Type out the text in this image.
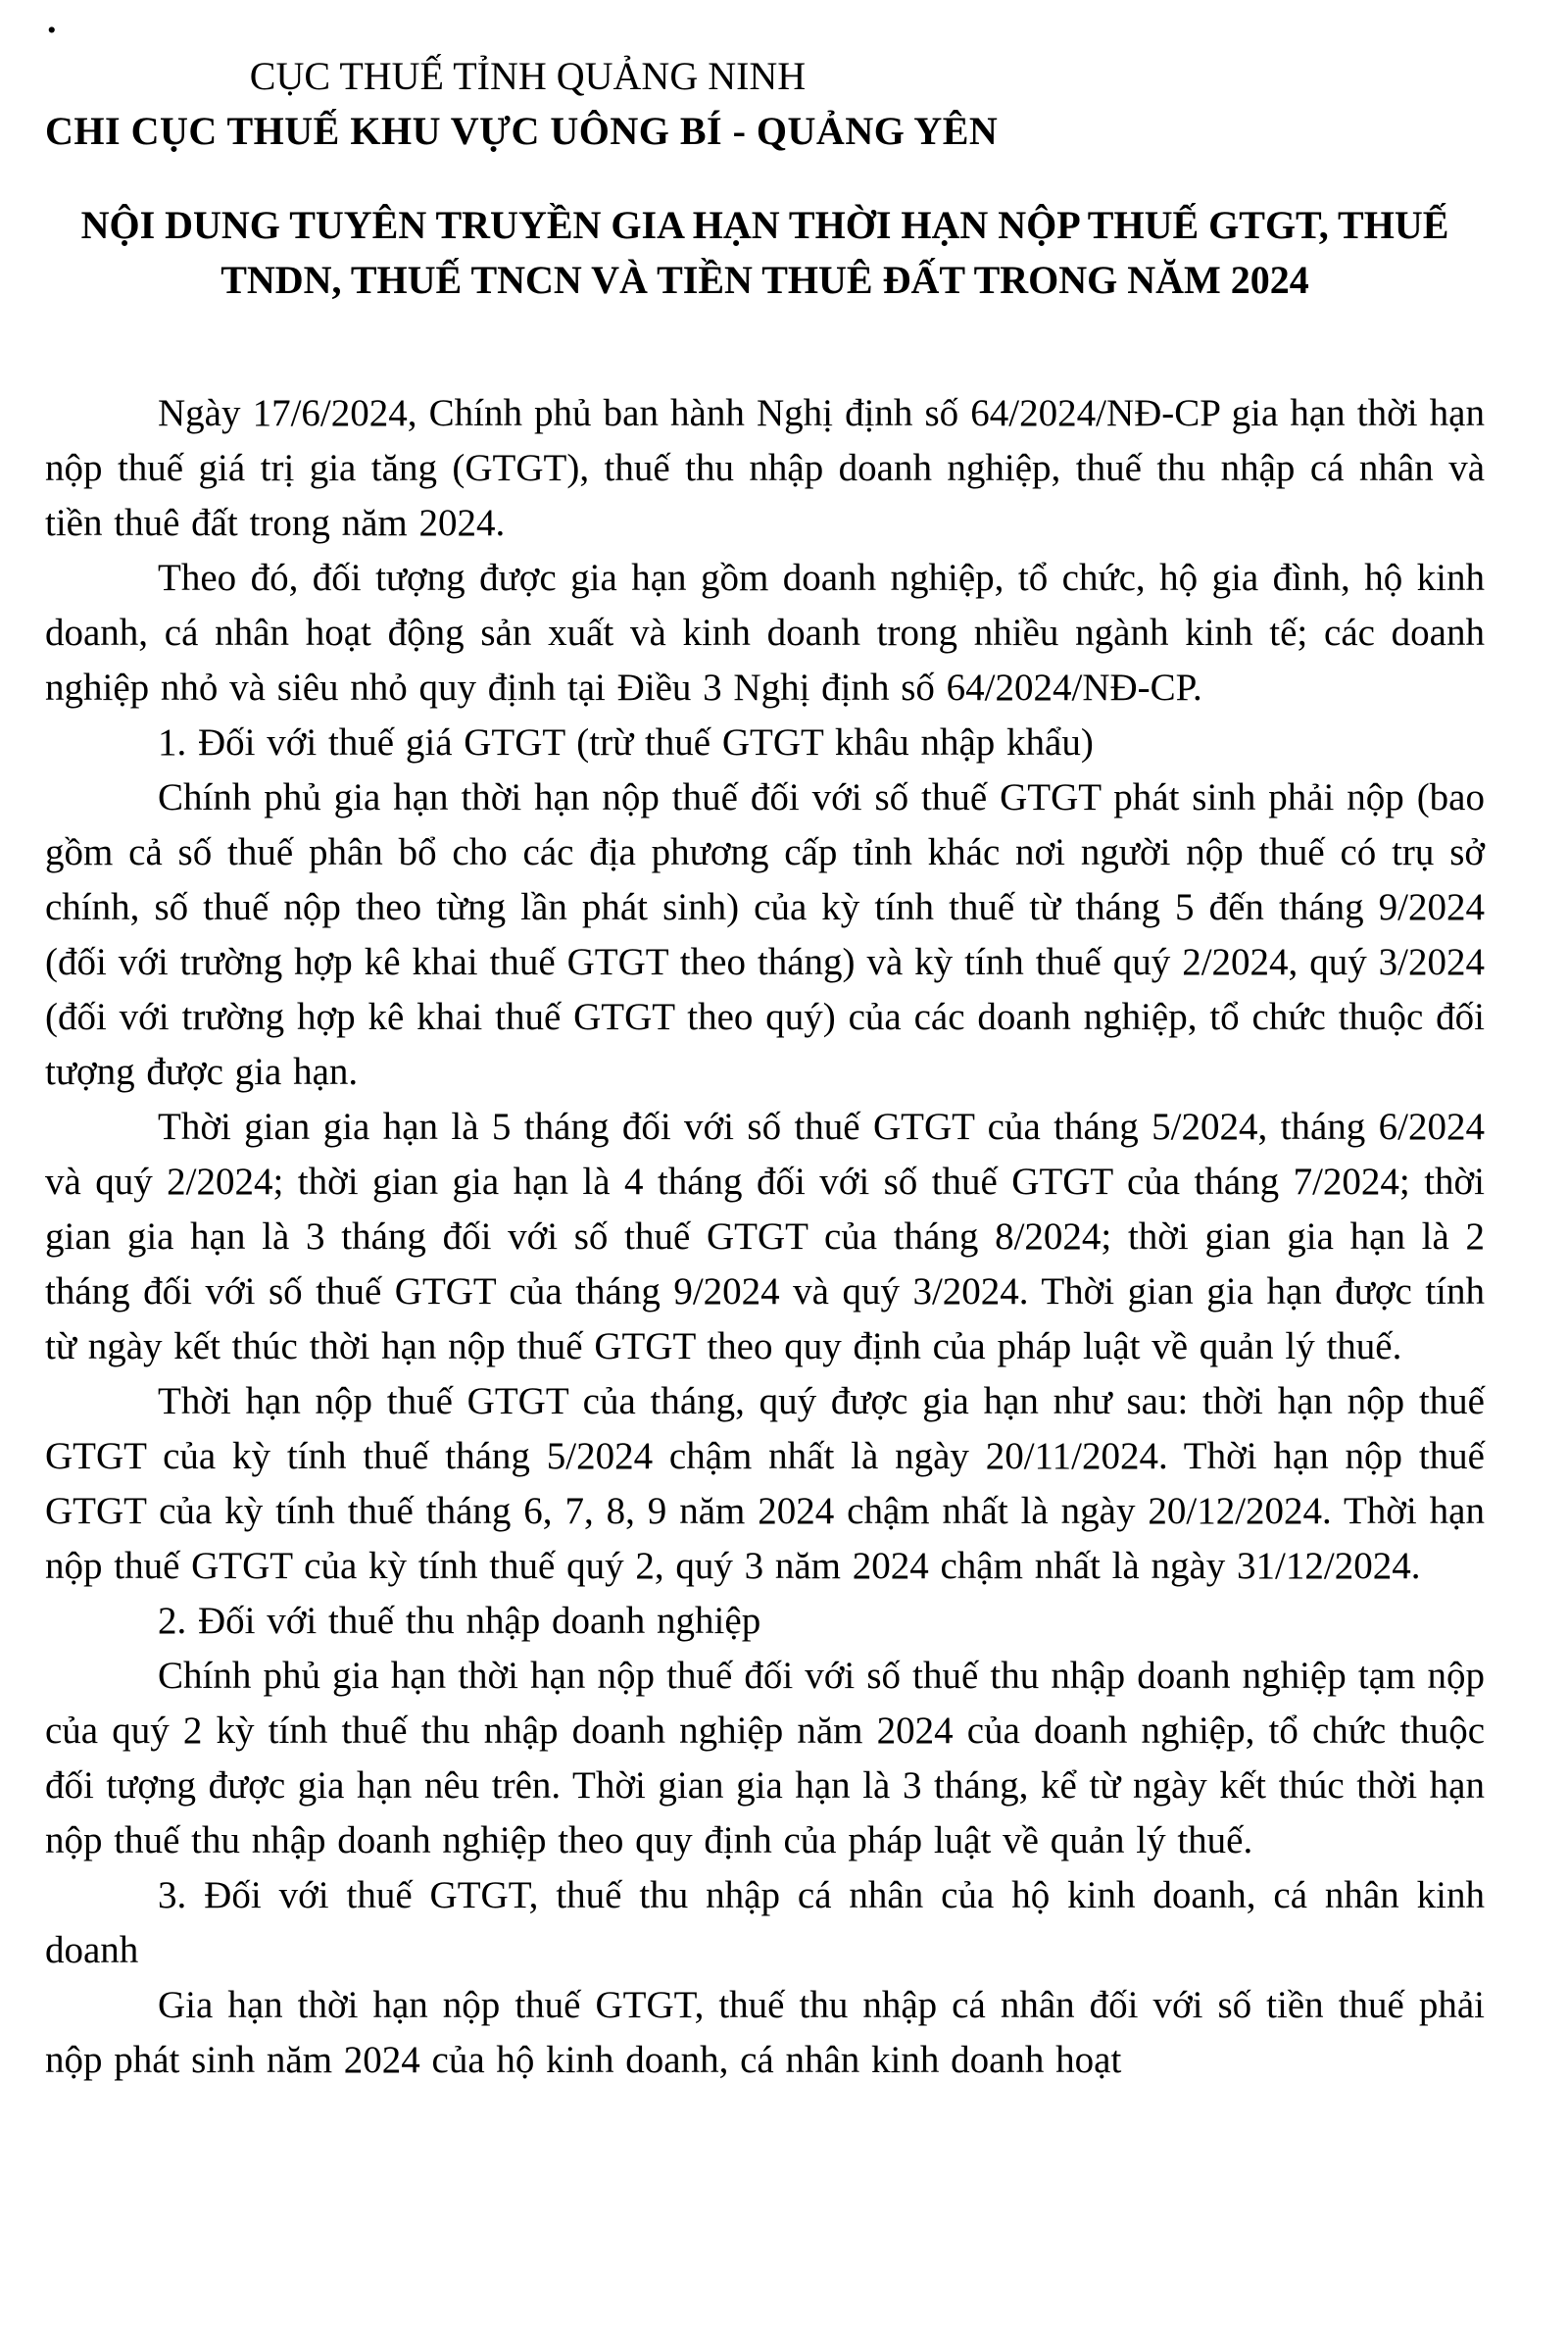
.
CỤC THUẾ TỈNH QUẢNG NINH
CHI CỤC THUẾ KHU VỰC UÔNG BÍ - QUẢNG YÊN
NỘI DUNG TUYÊN TRUYỀN GIA HẠN THỜI HẠN NỘP THUẾ GTGT, THUẾ
TNDN, THUẾ TNCN VÀ TIỀN THUÊ ĐẤT TRONG NĂM 2024

Ngày 17/6/2024, Chính phủ ban hành Nghị định số 64/2024/NĐ-CP gia hạn thời hạn nộp thuế giá trị gia tăng (GTGT), thuế thu nhập doanh nghiệp, thuế thu nhập cá nhân và tiền thuê đất trong năm 2024.

Theo đó, đối tượng được gia hạn gồm doanh nghiệp, tổ chức, hộ gia đình, hộ kinh doanh, cá nhân hoạt động sản xuất và kinh doanh trong nhiều ngành kinh tế; các doanh nghiệp nhỏ và siêu nhỏ quy định tại Điều 3 Nghị định số 64/2024/NĐ-CP.

1. Đối với thuế giá GTGT (trừ thuế GTGT khâu nhập khẩu)

Chính phủ gia hạn thời hạn nộp thuế đối với số thuế GTGT phát sinh phải nộp (bao gồm cả số thuế phân bổ cho các địa phương cấp tỉnh khác nơi người nộp thuế có trụ sở chính, số thuế nộp theo từng lần phát sinh) của kỳ tính thuế từ tháng 5 đến tháng 9/2024 (đối với trường hợp kê khai thuế GTGT theo tháng) và kỳ tính thuế quý 2/2024, quý 3/2024 (đối với trường hợp kê khai thuế GTGT theo quý) của các doanh nghiệp, tổ chức thuộc đối tượng được gia hạn.

Thời gian gia hạn là 5 tháng đối với số thuế GTGT của tháng 5/2024, tháng 6/2024 và quý 2/2024; thời gian gia hạn là 4 tháng đối với số thuế GTGT của tháng 7/2024; thời gian gia hạn là 3 tháng đối với số thuế GTGT của tháng 8/2024; thời gian gia hạn là 2 tháng đối với số thuế GTGT của tháng 9/2024 và quý 3/2024. Thời gian gia hạn được tính từ ngày kết thúc thời hạn nộp thuế GTGT theo quy định của pháp luật về quản lý thuế.

Thời hạn nộp thuế GTGT của tháng, quý được gia hạn như sau: thời hạn nộp thuế GTGT của kỳ tính thuế tháng 5/2024 chậm nhất là ngày 20/11/2024. Thời hạn nộp thuế GTGT của kỳ tính thuế tháng 6, 7, 8, 9 năm 2024 chậm nhất là ngày 20/12/2024. Thời hạn nộp thuế GTGT của kỳ tính thuế quý 2, quý 3 năm 2024 chậm nhất là ngày 31/12/2024.

2. Đối với thuế thu nhập doanh nghiệp

Chính phủ gia hạn thời hạn nộp thuế đối với số thuế thu nhập doanh nghiệp tạm nộp của quý 2 kỳ tính thuế thu nhập doanh nghiệp năm 2024 của doanh nghiệp, tổ chức thuộc đối tượng được gia hạn nêu trên. Thời gian gia hạn là 3 tháng, kể từ ngày kết thúc thời hạn nộp thuế thu nhập doanh nghiệp theo quy định của pháp luật về quản lý thuế.

3. Đối với thuế GTGT, thuế thu nhập cá nhân của hộ kinh doanh, cá nhân kinh doanh

Gia hạn thời hạn nộp thuế GTGT, thuế thu nhập cá nhân đối với số tiền thuế phải nộp phát sinh năm 2024 của hộ kinh doanh, cá nhân kinh doanh hoạt
